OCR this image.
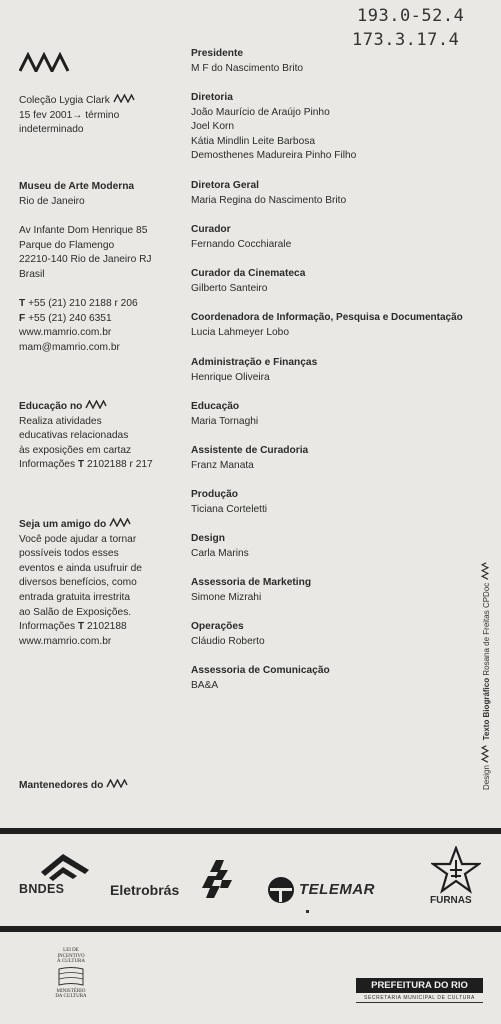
193.0-52.4
173.3.17.4
Coleção Lygia Clark
15 fev 2001→ término
indeterminado
Museu de Arte Moderna
Rio de Janeiro
Av Infante Dom Henrique 85
Parque do Flamengo
22210-140 Rio de Janeiro RJ
Brasil
T +55 (21) 210 2188 r 206
F +55 (21) 240 6351
www.mamrio.com.br
mam@mamrio.com.br
Educação no
Realiza atividades
educativas relacionadas
às exposições em cartaz
Informações T 2102188 r 217
Seja um amigo do
Você pode ajudar a tornar
possíveis todos esses
eventos e ainda usufruir de
diversos benefícios, como
entrada gratuita irrestrita
ao Salão de Exposições.
Informações T 2102188
www.mamrio.com.br
Mantenedores do
Presidente
M F do Nascimento Brito
Diretoria
João Maurício de Araújo Pinho
Joel Korn
Kátia Mindlin Leite Barbosa
Demosthenes Madureira Pinho Filho
Diretora Geral
Maria Regina do Nascimento Brito
Curador
Fernando Cocchiarale
Curador da Cinemateca
Gilberto Santeiro
Coordenadora de Informação, Pesquisa e Documentação
Lucia Lahmeyer Lobo
Administração e Finanças
Henrique Oliveira
Educação
Maria Tornaghi
Assistente de Curadoria
Franz Manata
Produção
Ticiana Corteletti
Design
Carla Marins
Assessoria de Marketing
Simone Mizrahi
Operações
Cláudio Roberto
Assessoria de Comunicação
BA&A
Design   Texto Biográfico Rosana de Freitas CPDoc
BNDES	Eletrobrás	TELEMAR
FURNAS
LEI DE
INCENTIVO
À CULTURA
MINISTÉRIO
DA CULTURA
PREFEITURA DO RIO
SECRETARIA MUNICIPAL DE CULTURA
